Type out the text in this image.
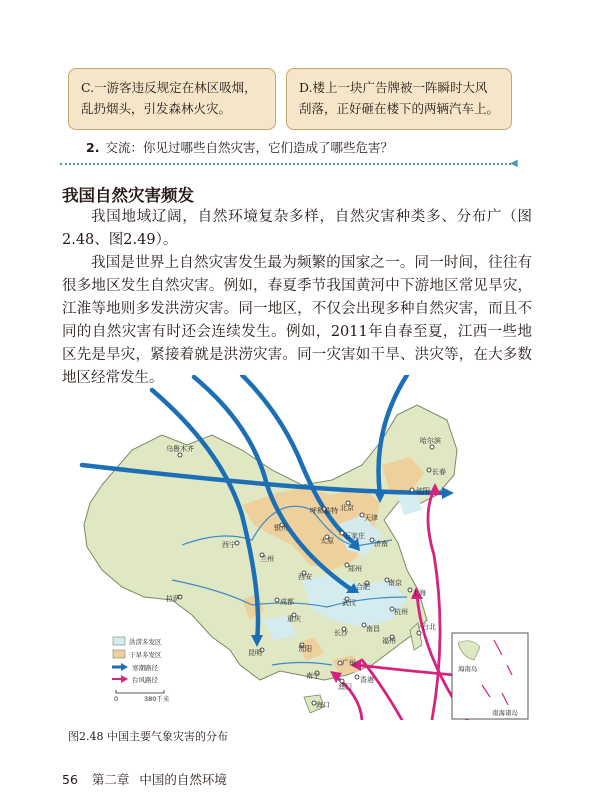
C.一游客违反规定在林区吸烟，乱扔烟头，引发森林火灾。
D.楼上一块广告牌被一阵瞬时大风刮落，正好砸在楼下的两辆汽车上。
2. 交流：你见过哪些自然灾害，它们造成了哪些危害？
◀
我国自然灾害频发

我国地域辽阔，自然环境复杂多样，自然灾害种类多、分布广（图2.48、图2.49）。

我国是世界上自然灾害发生最为频繁的国家之一。同一时间，往往有很多地区发生自然灾害。例如，春夏季节我国黄河中下游地区常见旱灾，江淮等地则多发洪涝灾害。同一地区，不仅会出现多种自然灾害，而且不同的自然灾害有时还会连续发生。例如，2011年自春至夏，江西一些地区先是旱灾，紧接着就是洪涝灾害。同一灾害如干旱、洪灾等，在大多数地区经常发生。

乌鲁木齐
哈尔滨
长春
沈阳
呼和浩特 北京
天津
银川
太原
石家庄
济南
西宁
兰州
西安
郑州
合肥	南京
上海
拉萨	成都	武汉
杭州
重庆
长沙	南昌
福州
贵阳
昆明
广州
南宁	香港
澳门
海口
台北
海南岛
南海诸岛
洪涝多发区
干旱多发区
寒潮路径
台风路径
0	380千米
图2.48 中国主要气象灾害的分布
56 第二章 中国的自然环境
